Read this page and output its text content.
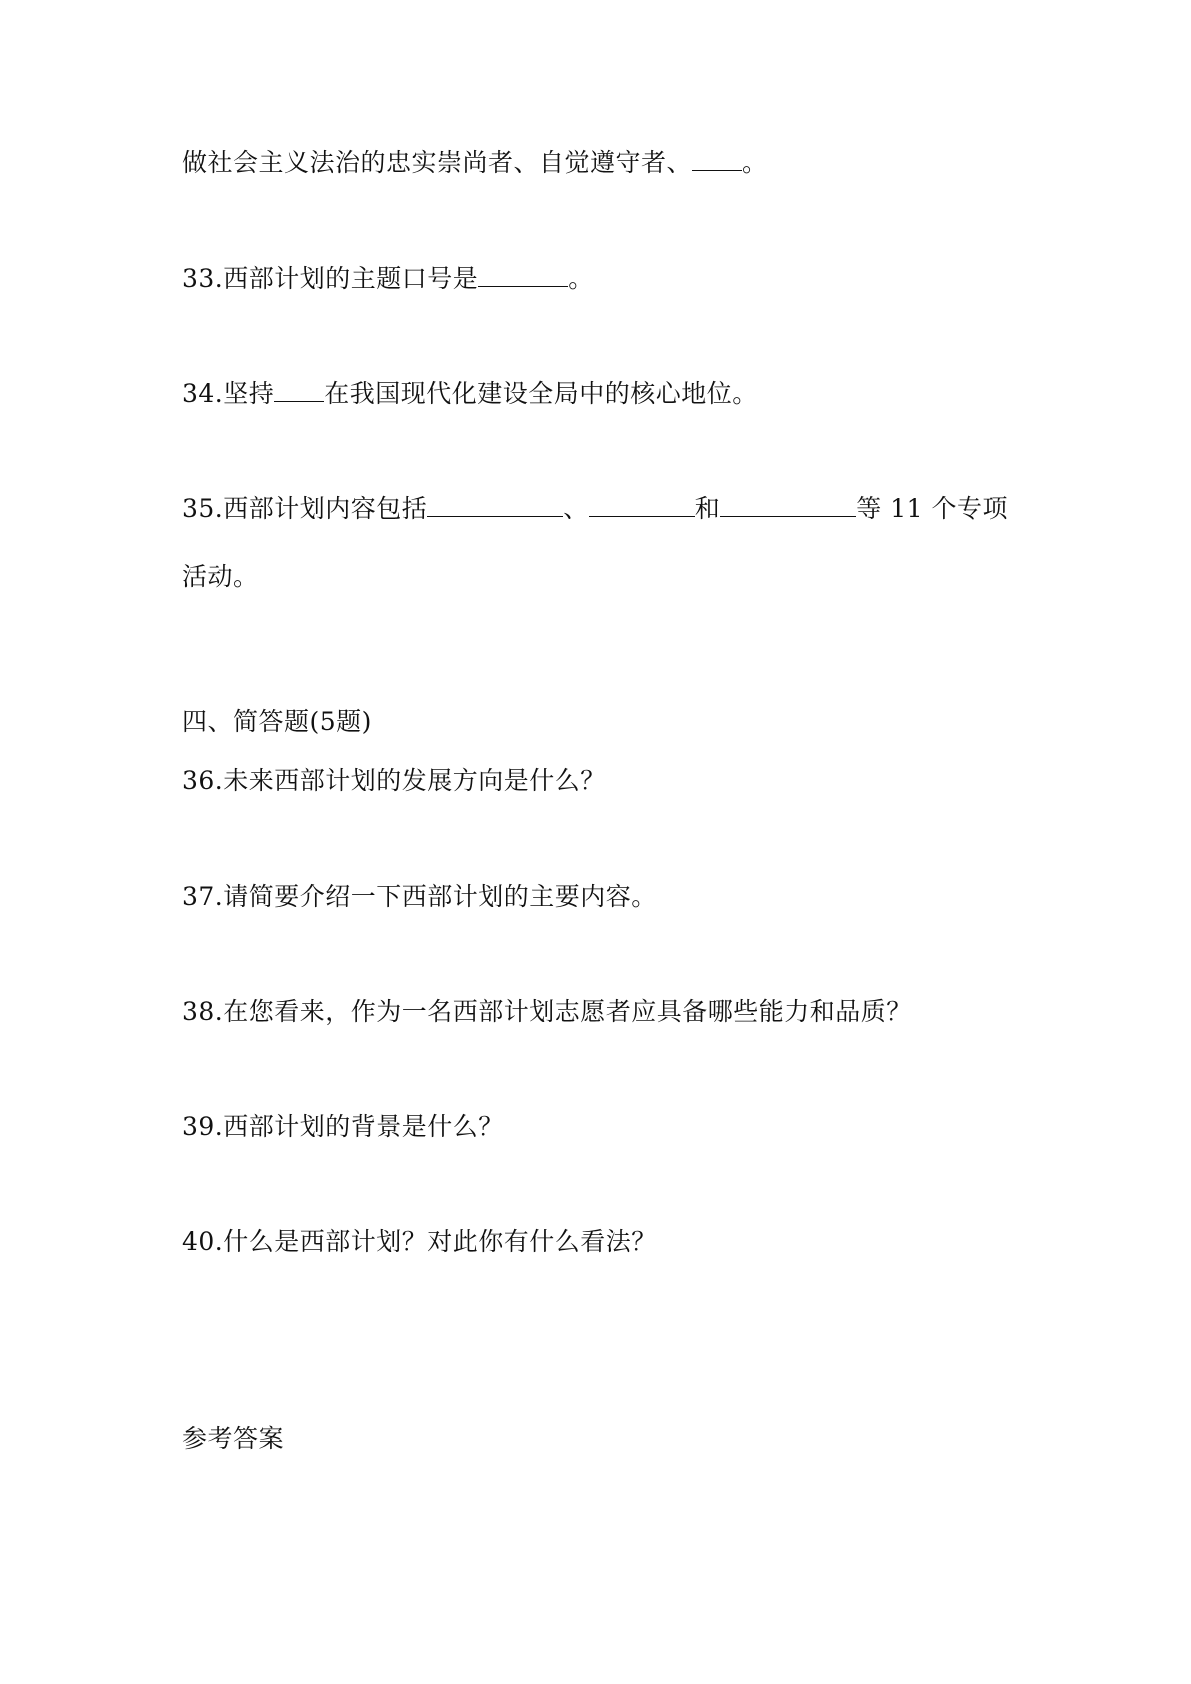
做社会主义法治的忠实崇尚者、自觉遵守者、 。
33.西部计划的主题口号是	。
34.坚持 在我国现代化建设全局中的核心地位。
35.西部计划内容包括	、	和	等 11 个专项
活动。
四、简答题(5题)
36.未来西部计划的发展方向是什么？
37.请简要介绍一下西部计划的主要内容。
38.在您看来，作为一名西部计划志愿者应具备哪些能力和品质？
39.西部计划的背景是什么？
40.什么是西部计划？对此你有什么看法？
参考答案
